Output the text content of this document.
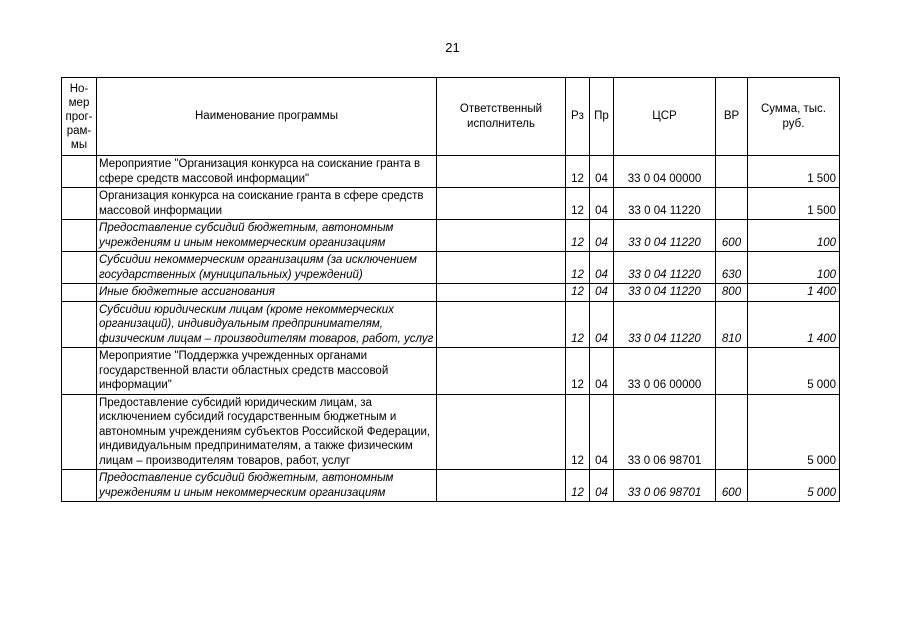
21
Но-
мер
прог-
рам-
мы	Наименование программы	Ответственный исполнитель	Рз	Пр	ЦСР	ВР	Сумма, тыс. руб.
	Мероприятие "Организация конкурса на соискание гранта в сфере средств массовой информации"		12	04	33 0 04 00000		1 500
	Организация конкурса на соискание гранта в сфере средств массовой информации		12	04	33 0 04 11220		1 500
	Предоставление субсидий бюджетным, автономным учреждениям и иным некоммерческим организациям		12	04	33 0 04 11220	600	100
	Субсидии некоммерческим организациям (за исключением государственных (муниципальных) учреждений)		12	04	33 0 04 11220	630	100
	Иные бюджетные ассигнования		12	04	33 0 04 11220	800	1 400
	Субсидии юридическим лицам (кроме некоммерческих организаций), индивидуальным предпринимателям, физическим лицам – производителям товаров, работ, услуг		12	04	33 0 04 11220	810	1 400
	Мероприятие "Поддержка учрежденных органами государственной власти областных средств массовой информации"		12	04	33 0 06 00000		5 000
	Предоставление субсидий юридическим лицам, за исключением субсидий государственным бюджетным и автономным учреждениям субъектов Российской Федерации, индивидуальным предпринимателям, а также физическим лицам – производителям товаров, работ, услуг		12	04	33 0 06 98701		5 000
	Предоставление субсидий бюджетным, автономным учреждениям и иным некоммерческим организациям		12	04	33 0 06 98701	600	5 000
